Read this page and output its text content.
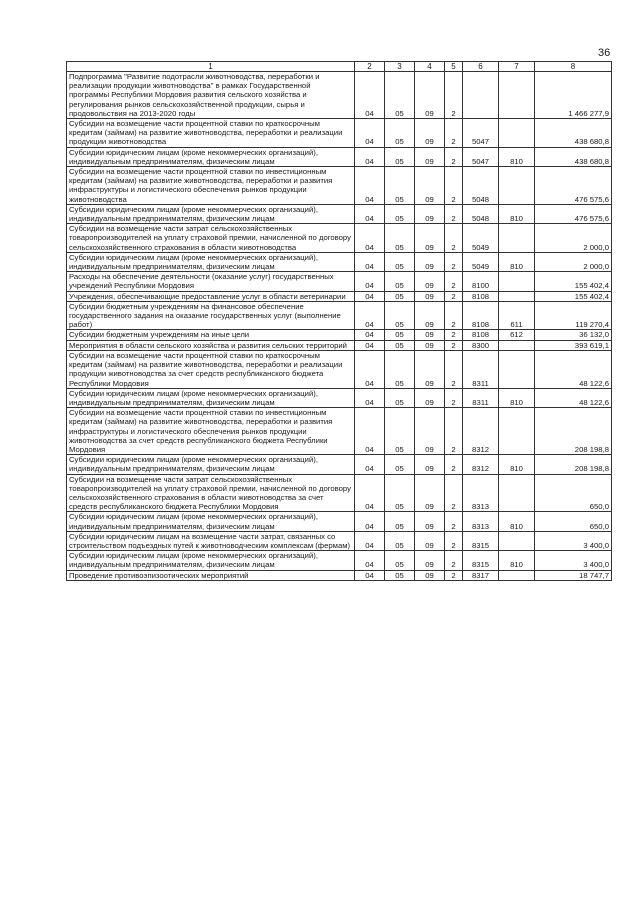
36
1	2	3	4	5	6	7	8
Подпрограмма "Развитие подотрасли животноводства, переработки и реализации продукции животноводства" в рамках Государственной программы Республики Мордовия развития сельского хозяйства и регулирования рынков сельскохозяйственной продукции, сырья и продовольствия на 2013-2020 годы	04	05	09	2			1 466 277,9
Субсидии на возмещение части процентной ставки по краткосрочным кредитам (займам) на развитие животноводства, переработки и реализации продукции животноводства	04	05	09	2	5047		438 680,8
Субсидии юридическим лицам (кроме некоммерческих организаций), индивидуальным предпринимателям, физическим лицам	04	05	09	2	5047	810	438 680,8
Субсидии на возмещение части процентной ставки по инвестиционным кредитам (займам) на развитие животноводства, переработки и развития инфраструктуры и логистического обеспечения рынков продукции животноводства	04	05	09	2	5048		476 575,6
Субсидии юридическим лицам (кроме некоммерческих организаций), индивидуальным предпринимателям, физическим лицам	04	05	09	2	5048	810	476 575,6
Субсидии на возмещение части затрат сельскохозяйственных товаропроизводителей на уплату страховой премии, начисленной по договору сельскохозяйственного страхования в области животноводства	04	05	09	2	5049		2 000,0
Субсидии юридическим лицам (кроме некоммерческих организаций), индивидуальным предпринимателям, физическим лицам	04	05	09	2	5049	810	2 000,0
Расходы на обеспечение деятельности (оказание услуг) государственных учреждений Республики Мордовия	04	05	09	2	8100		155 402,4
Учреждения, обеспечивающие предоставление услуг в области ветеринарии	04	05	09	2	8108		155 402,4
Субсидии бюджетным учреждениям на финансовое обеспечение государственного задания на оказание государственных услуг (выполнение работ)	04	05	09	2	8108	611	119 270,4
Субсидии бюджетным учреждениям на иные цели	04	05	09	2	8108	612	36 132,0
Мероприятия в области сельского хозяйства и развития сельских территорий	04	05	09	2	8300		393 619,1
Субсидии на возмещение части процентной ставки по краткосрочным кредитам (займам) на развитие животноводства, переработки и реализации продукции животноводства за счет средств республиканского бюджета Республики Мордовия	04	05	09	2	8311		48 122,6
Субсидии юридическим лицам (кроме некоммерческих организаций), индивидуальным предпринимателям, физическим лицам	04	05	09	2	8311	810	48 122,6
Субсидии на возмещение части процентной ставки по инвестиционным кредитам (займам) на развитие животноводства, переработки и развития инфраструктуры и логистического обеспечения рынков продукции животноводства за счет средств республиканского бюджета Республики Мордовия	04	05	09	2	8312		208 198,8
Субсидии юридическим лицам (кроме некоммерческих организаций), индивидуальным предпринимателям, физическим лицам	04	05	09	2	8312	810	208 198,8
Субсидии на возмещение части затрат сельскохозяйственных товаропроизводителей на уплату страховой премии, начисленной по договору сельскохозяйственного страхования в области животноводства за счет средств республиканского бюджета Республики Мордовия	04	05	09	2	8313		650,0
Субсидии юридическим лицам (кроме некоммерческих организаций), индивидуальным предпринимателям, физическим лицам	04	05	09	2	8313	810	650,0
Субсидии юридическим лицам на возмещение части затрат, связанных со строительством подъездных путей к животноводческим комплексам (фермам)	04	05	09	2	8315		3 400,0
Субсидии юридическим лицам (кроме некоммерческих организаций), индивидуальным предпринимателям, физическим лицам	04	05	09	2	8315	810	3 400,0
Проведение противоэпизоотических мероприятий	04	05	09	2	8317		18 747,7
